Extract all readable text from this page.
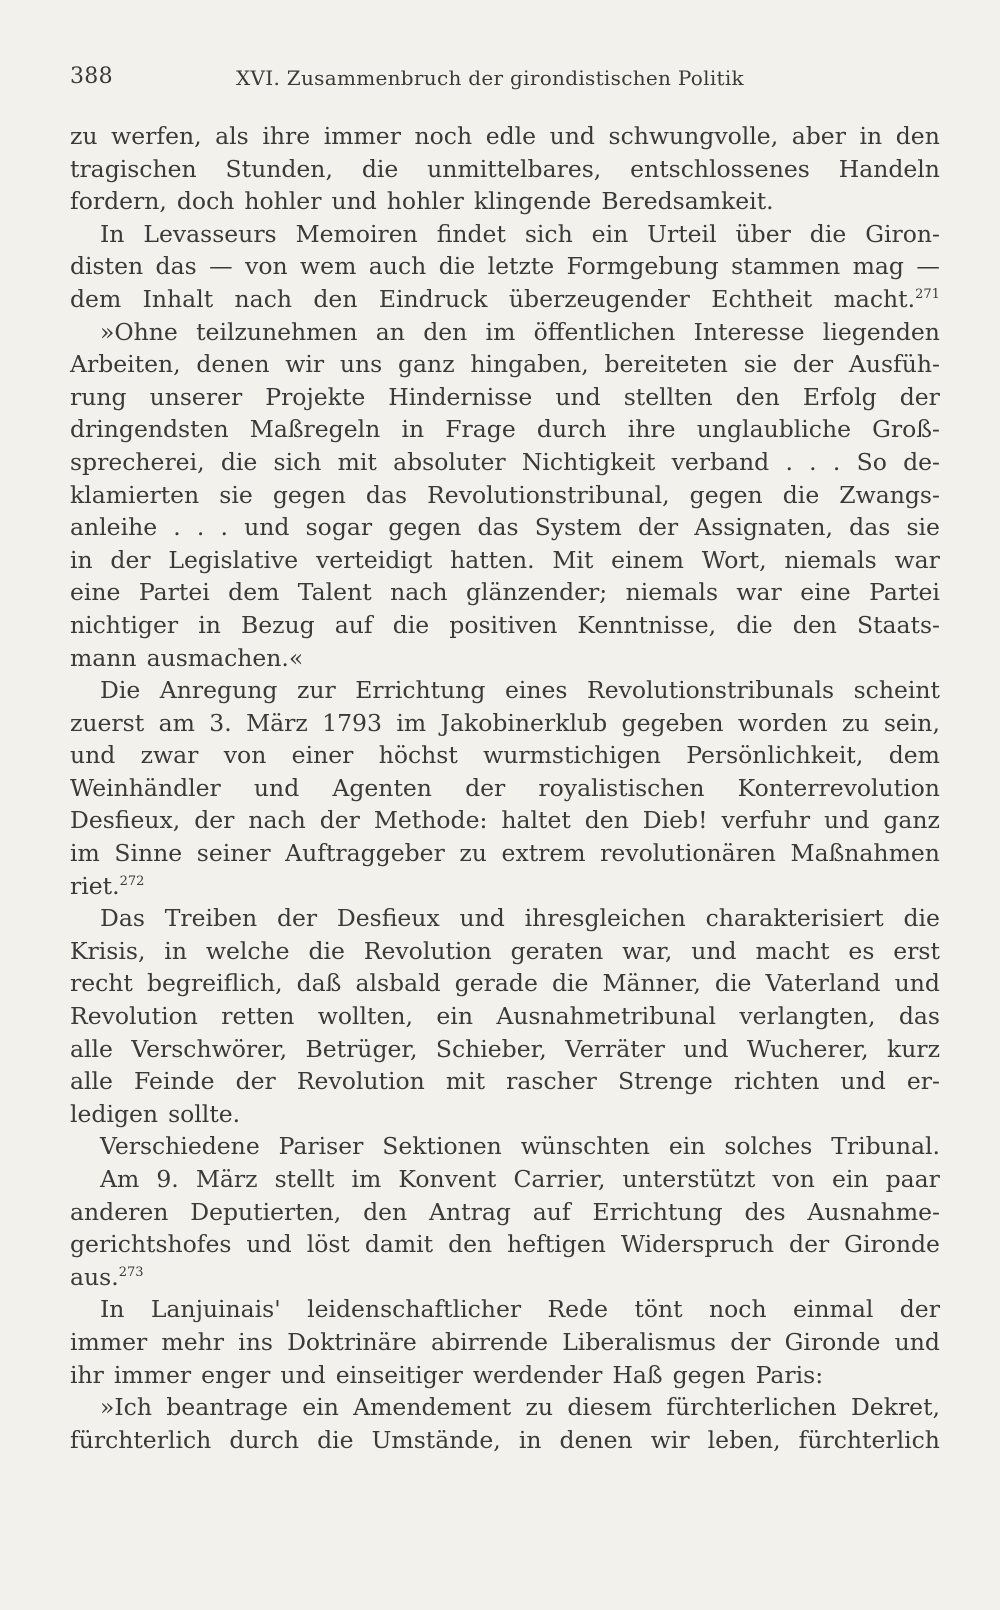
388	XVI. Zusammenbruch der girondistischen Politik
zu werfen, als ihre immer noch edle und schwungvolle, aber in den
tragischen Stunden, die unmittelbares, entschlossenes Handeln
fordern, doch hohler und hohler klingende Beredsamkeit.
In Levasseurs Memoiren findet sich ein Urteil über die Giron-
disten das — von wem auch die letzte Formgebung stammen mag —
dem Inhalt nach den Eindruck überzeugender Echtheit macht.$^{271}$
»Ohne teilzunehmen an den im öffentlichen Interesse liegenden
Arbeiten, denen wir uns ganz hingaben, bereiteten sie der Ausfüh-
rung unserer Projekte Hindernisse und stellten den Erfolg der
dringendsten Maßregeln in Frage durch ihre unglaubliche Groß-
sprecherei, die sich mit absoluter Nichtigkeit verband . . . So de-
klamierten sie gegen das Revolutionstribunal, gegen die Zwangs-
anleihe . . . und sogar gegen das System der Assignaten, das sie
in der Legislative verteidigt hatten. Mit einem Wort, niemals war
eine Partei dem Talent nach glänzender; niemals war eine Partei
nichtiger in Bezug auf die positiven Kenntnisse, die den Staats-
mann ausmachen.«
Die Anregung zur Errichtung eines Revolutionstribunals scheint
zuerst am 3. März 1793 im Jakobinerklub gegeben worden zu sein,
und zwar von einer höchst wurmstichigen Persönlichkeit, dem
Weinhändler und Agenten der royalistischen Konterrevolution
Desfieux, der nach der Methode: haltet den Dieb! verfuhr und ganz
im Sinne seiner Auftraggeber zu extrem revolutionären Maßnahmen
riet.$^{272}$
Das Treiben der Desfieux und ihresgleichen charakterisiert die
Krisis, in welche die Revolution geraten war, und macht es erst
recht begreiflich, daß alsbald gerade die Männer, die Vaterland und
Revolution retten wollten, ein Ausnahmetribunal verlangten, das
alle Verschwörer, Betrüger, Schieber, Verräter und Wucherer, kurz
alle Feinde der Revolution mit rascher Strenge richten und er-
ledigen sollte.
Verschiedene Pariser Sektionen wünschten ein solches Tribunal.
Am 9. März stellt im Konvent Carrier, unterstützt von ein paar
anderen Deputierten, den Antrag auf Errichtung des Ausnahme-
gerichtshofes und löst damit den heftigen Widerspruch der Gironde
aus.$^{273}$
In Lanjuinais' leidenschaftlicher Rede tönt noch einmal der
immer mehr ins Doktrinäre abirrende Liberalismus der Gironde und
ihr immer enger und einseitiger werdender Haß gegen Paris:
»Ich beantrage ein Amendement zu diesem fürchterlichen Dekret,
fürchterlich durch die Umstände, in denen wir leben, fürchterlich
